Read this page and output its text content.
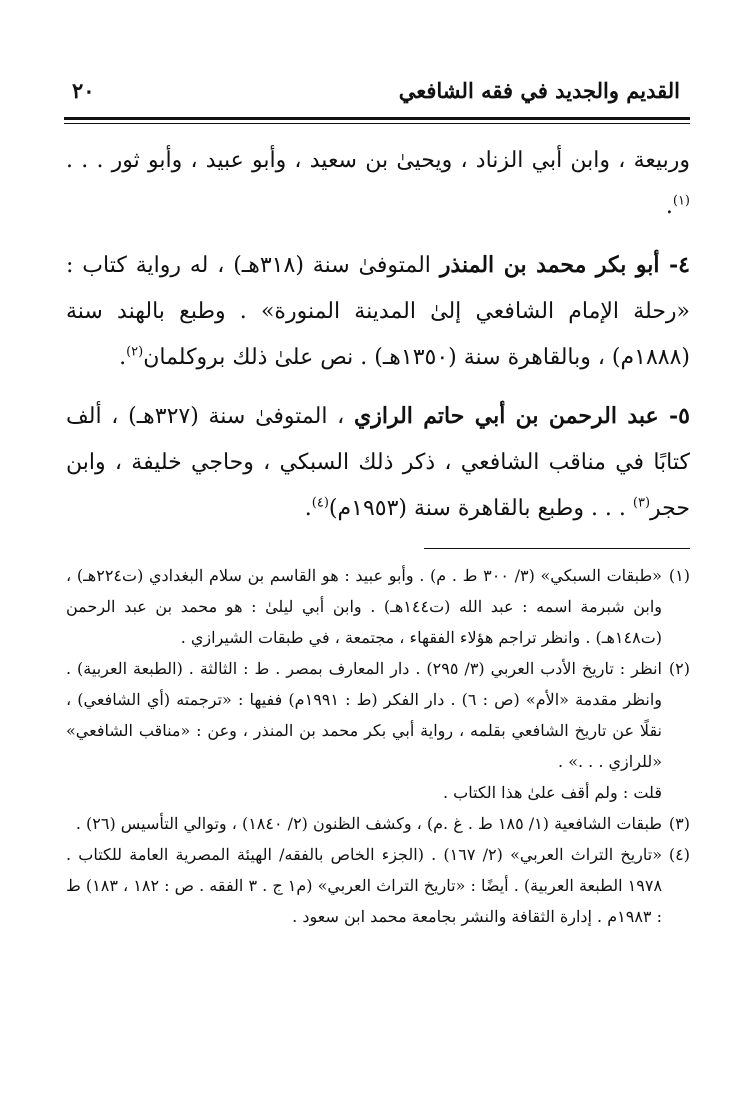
القديم والجديد في فقه الشافعي
٢٠

وربيعة ، وابن أبي الزناد ، ويحيىٰ بن سعيد ، وأبو عبيد ، وأبو ثور . . . $^{(١)}$.

٤- أبو بكر محمد بن المنذر المتوفىٰ سنة (٣١٨هـ) ، له رواية كتاب : «رحلة الإمام الشافعي إلىٰ المدينة المنورة» . وطبع بالهند سنة (١٨٨٨م) ، وبالقاهرة سنة (١٣٥٠هـ) . نص علىٰ ذلك بروكلمان$^{(٢)}$.

٥- عبد الرحمن بن أبي حاتم الرازي ، المتوفىٰ سنة (٣٢٧هـ) ، ألف كتابًا في مناقب الشافعي ، ذكر ذلك السبكي ، وحاجي خليفة ، وابن حجر$^{(٣)}$ . . . وطبع بالقاهرة سنة (١٩٥٣م)$^{(٤)}$.

(١)
«طبقات السبكي» (٣/ ٣٠٠ ط . م) . وأبو عبيد : هو القاسم بن سلام البغدادي (ت٢٢٤هـ) ، وابن شبرمة اسمه : عبد الله (ت١٤٤هـ) . وابن أبي ليلىٰ : هو محمد بن عبد الرحمن (ت١٤٨هـ) . وانظر تراجم هؤلاء الفقهاء ، مجتمعة ، في طبقات الشيرازي .
(٢)
انظر : تاريخ الأدب العربي (٣/ ٢٩٥) . دار المعارف بمصر . ط : الثالثة . (الطبعة العربية) . وانظر مقدمة «الأم» (ص : ٦) . دار الفكر (ط : ١٩٩١م) ففيها : «ترجمته (أي الشافعي) ، نقلًا عن تاريخ الشافعي بقلمه ، رواية أبي بكر محمد بن المنذر ، وعن : «مناقب الشافعي» «للرازي . . .» .
قلت : ولم أقف علىٰ هذا الكتاب .
(٣)
طبقات الشافعية (١/ ١٨٥ ط . غ .م) ، وكشف الظنون (٢/ ١٨٤٠) ، وتوالي التأسيس (٢٦) .
(٤)
«تاريخ التراث العربي» (٢/ ١٦٧) . (الجزء الخاص بالفقه/ الهيئة المصرية العامة للكتاب . ١٩٧٨ الطبعة العربية) . أيضًا : «تاريخ التراث العربي» (م١ ج . ٣ الفقه . ص : ١٨٢ ، ١٨٣) ط : ١٩٨٣م . إدارة الثقافة والنشر بجامعة محمد ابن سعود .
